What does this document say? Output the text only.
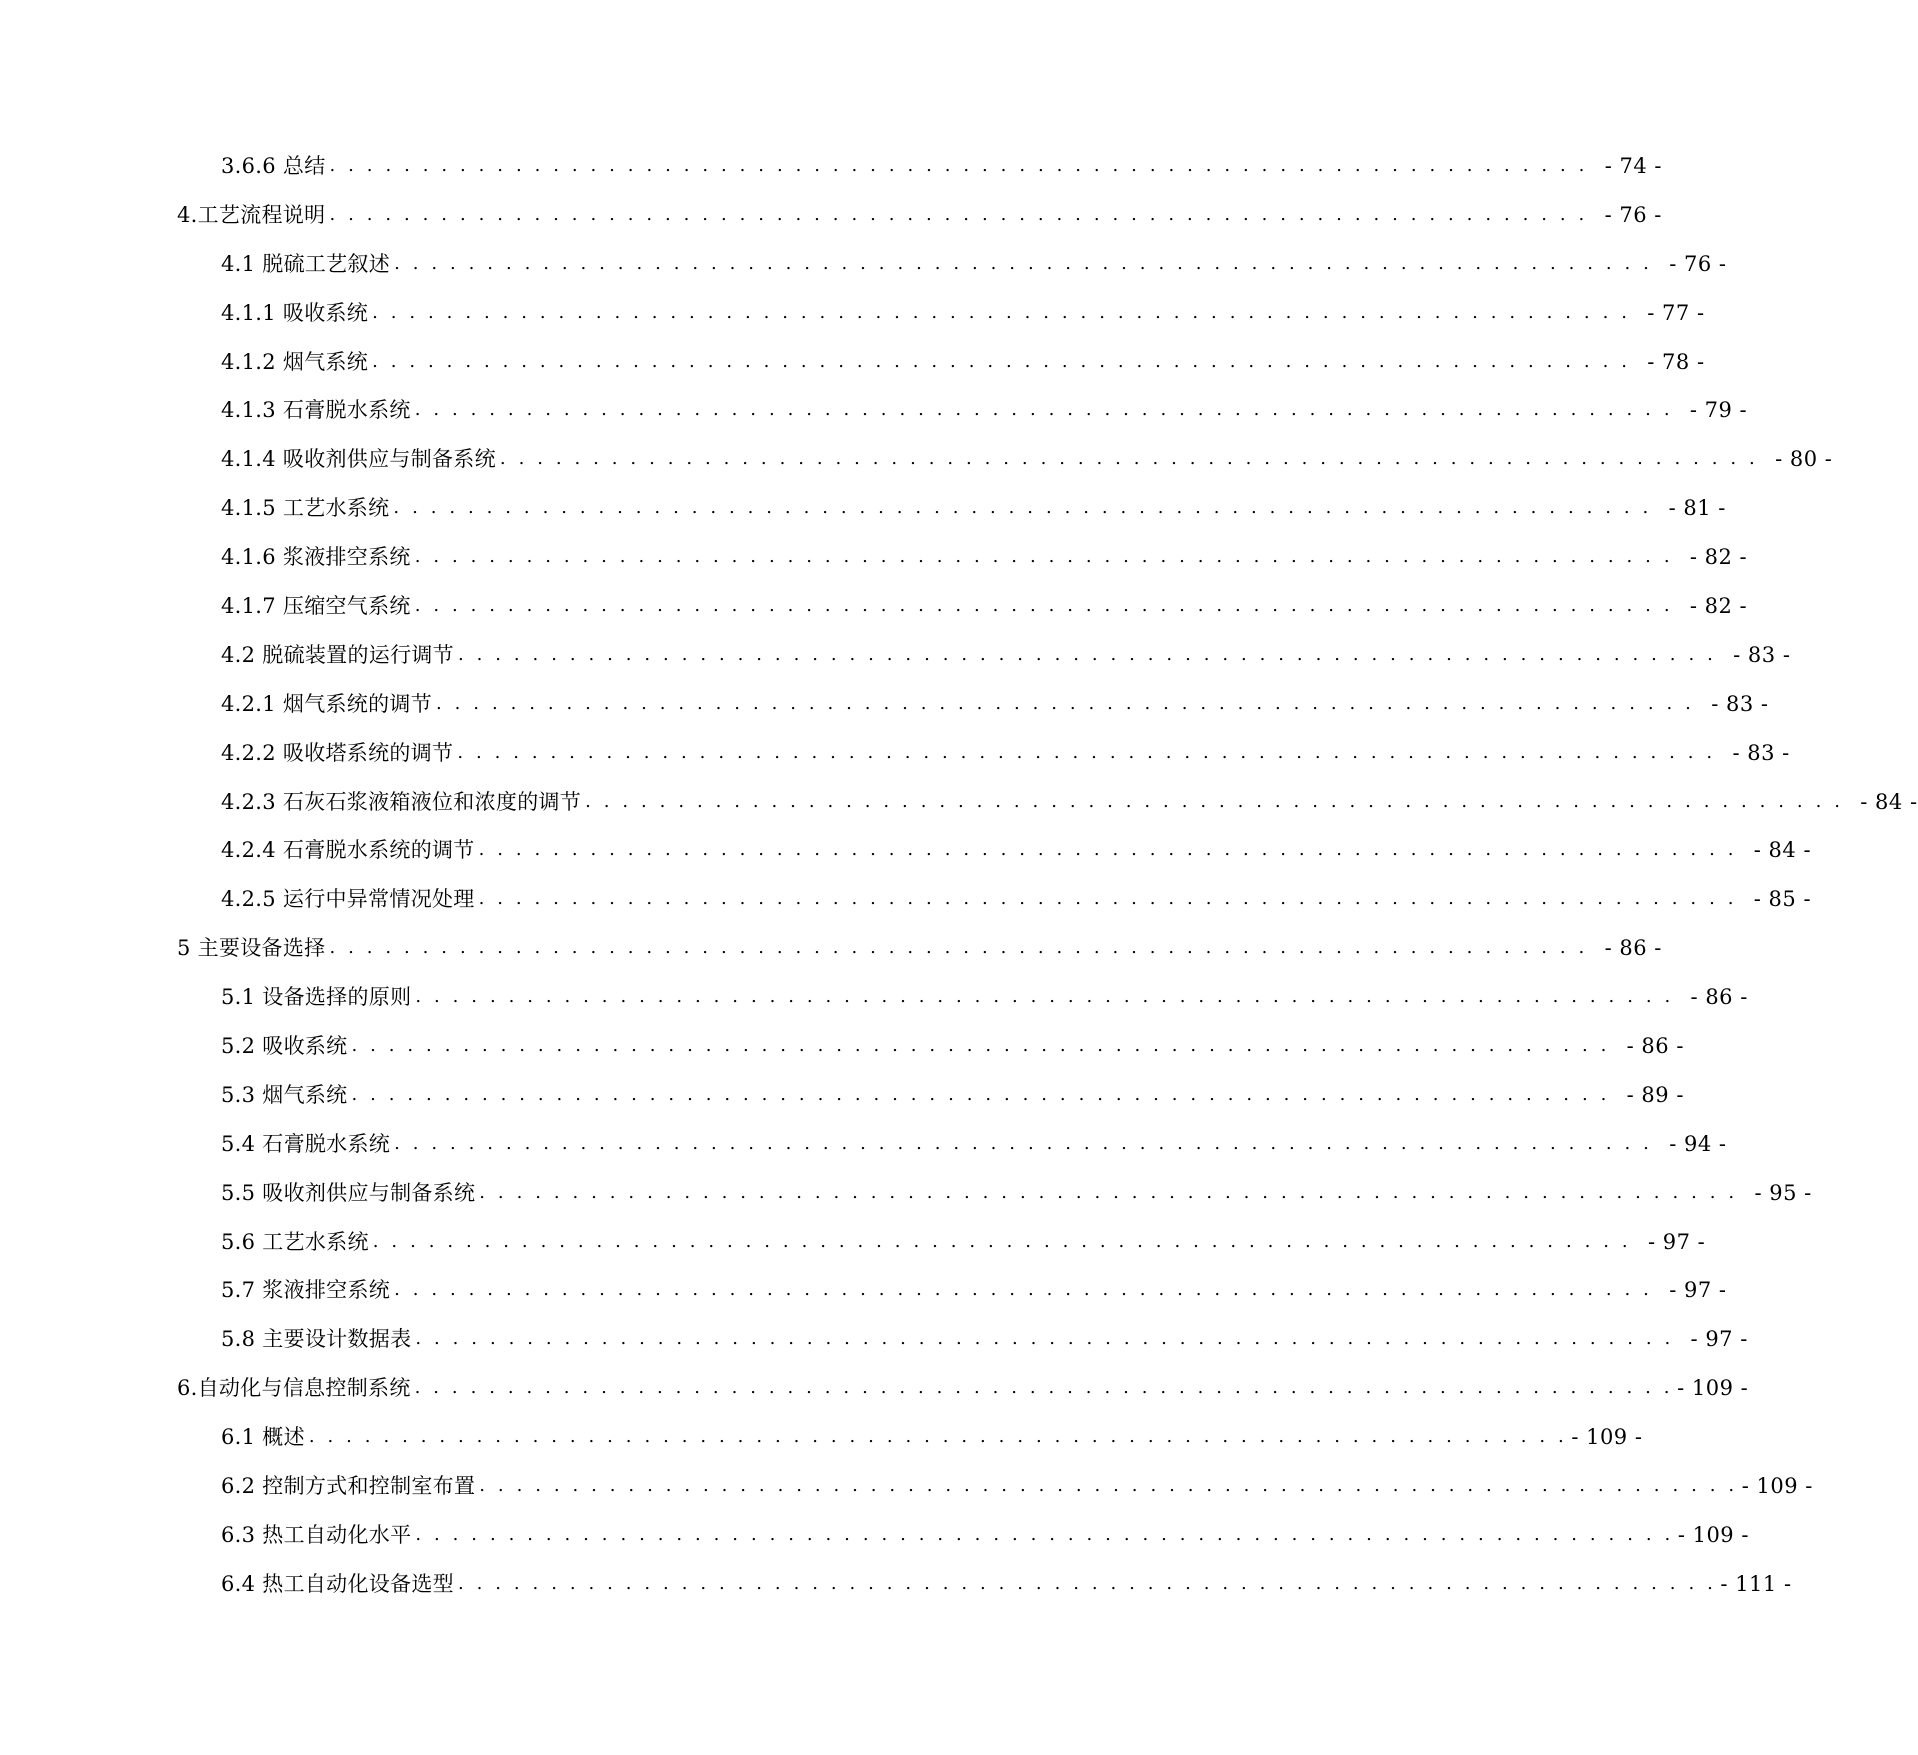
3.6.6 总结 . . . . . . . . . . . . . . . . . . . . . . . . . . . . . . . . . . . . . . . . . . . . . . . . . . . . . . . . . . . . . . . . . . . . - 74 -
4.工艺流程说明 . . . . . . . . . . . . . . . . . . . . . . . . . . . . . . . . . . . . . . . . . . . . . . . . . . . . . . . . . . . . . . . . . . . . - 76 -
4.1 脱硫工艺叙述 . . . . . . . . . . . . . . . . . . . . . . . . . . . . . . . . . . . . . . . . . . . . . . . . . . . . . . . . . . . . . . . . . . . . - 76 -
4.1.1 吸收系统 . . . . . . . . . . . . . . . . . . . . . . . . . . . . . . . . . . . . . . . . . . . . . . . . . . . . . . . . . . . . . . . . . . . . - 77 -
4.1.2 烟气系统 . . . . . . . . . . . . . . . . . . . . . . . . . . . . . . . . . . . . . . . . . . . . . . . . . . . . . . . . . . . . . . . . . . . . - 78 -
4.1.3 石膏脱水系统 . . . . . . . . . . . . . . . . . . . . . . . . . . . . . . . . . . . . . . . . . . . . . . . . . . . . . . . . . . . . . . . . . . . . - 79 -
4.1.4 吸收剂供应与制备系统 . . . . . . . . . . . . . . . . . . . . . . . . . . . . . . . . . . . . . . . . . . . . . . . . . . . . . . . . . . . . . . . . . . . . - 80 -
4.1.5 工艺水系统 . . . . . . . . . . . . . . . . . . . . . . . . . . . . . . . . . . . . . . . . . . . . . . . . . . . . . . . . . . . . . . . . . . . . - 81 -
4.1.6 浆液排空系统 . . . . . . . . . . . . . . . . . . . . . . . . . . . . . . . . . . . . . . . . . . . . . . . . . . . . . . . . . . . . . . . . . . . . - 82 -
4.1.7 压缩空气系统 . . . . . . . . . . . . . . . . . . . . . . . . . . . . . . . . . . . . . . . . . . . . . . . . . . . . . . . . . . . . . . . . . . . . - 82 -
4.2 脱硫装置的运行调节 . . . . . . . . . . . . . . . . . . . . . . . . . . . . . . . . . . . . . . . . . . . . . . . . . . . . . . . . . . . . . . . . . . . . - 83 -
4.2.1 烟气系统的调节 . . . . . . . . . . . . . . . . . . . . . . . . . . . . . . . . . . . . . . . . . . . . . . . . . . . . . . . . . . . . . . . . . . . . - 83 -
4.2.2 吸收塔系统的调节 . . . . . . . . . . . . . . . . . . . . . . . . . . . . . . . . . . . . . . . . . . . . . . . . . . . . . . . . . . . . . . . . . . . . - 83 -
4.2.3 石灰石浆液箱液位和浓度的调节 . . . . . . . . . . . . . . . . . . . . . . . . . . . . . . . . . . . . . . . . . . . . . . . . . . . . . . . . . . . . . . . . . . . . - 84 -
4.2.4 石膏脱水系统的调节 . . . . . . . . . . . . . . . . . . . . . . . . . . . . . . . . . . . . . . . . . . . . . . . . . . . . . . . . . . . . . . . . . . . . - 84 -
4.2.5 运行中异常情况处理 . . . . . . . . . . . . . . . . . . . . . . . . . . . . . . . . . . . . . . . . . . . . . . . . . . . . . . . . . . . . . . . . . . . . - 85 -
5 主要设备选择 . . . . . . . . . . . . . . . . . . . . . . . . . . . . . . . . . . . . . . . . . . . . . . . . . . . . . . . . . . . . . . . . . . . . - 86 -
5.1 设备选择的原则 . . . . . . . . . . . . . . . . . . . . . . . . . . . . . . . . . . . . . . . . . . . . . . . . . . . . . . . . . . . . . . . . . . . . - 86 -
5.2 吸收系统 . . . . . . . . . . . . . . . . . . . . . . . . . . . . . . . . . . . . . . . . . . . . . . . . . . . . . . . . . . . . . . . . . . . . - 86 -
5.3 烟气系统 . . . . . . . . . . . . . . . . . . . . . . . . . . . . . . . . . . . . . . . . . . . . . . . . . . . . . . . . . . . . . . . . . . . . - 89 -
5.4 石膏脱水系统 . . . . . . . . . . . . . . . . . . . . . . . . . . . . . . . . . . . . . . . . . . . . . . . . . . . . . . . . . . . . . . . . . . . . - 94 -
5.5 吸收剂供应与制备系统 . . . . . . . . . . . . . . . . . . . . . . . . . . . . . . . . . . . . . . . . . . . . . . . . . . . . . . . . . . . . . . . . . . . . - 95 -
5.6 工艺水系统 . . . . . . . . . . . . . . . . . . . . . . . . . . . . . . . . . . . . . . . . . . . . . . . . . . . . . . . . . . . . . . . . . . . . - 97 -
5.7 浆液排空系统 . . . . . . . . . . . . . . . . . . . . . . . . . . . . . . . . . . . . . . . . . . . . . . . . . . . . . . . . . . . . . . . . . . . . - 97 -
5.8 主要设计数据表 . . . . . . . . . . . . . . . . . . . . . . . . . . . . . . . . . . . . . . . . . . . . . . . . . . . . . . . . . . . . . . . . . . . . - 97 -
6.自动化与信息控制系统 . . . . . . . . . . . . . . . . . . . . . . . . . . . . . . . . . . . . . . . . . . . . . . . . . . . . . . . . . . . . . . . . . . . . - 109 -
6.1 概述 . . . . . . . . . . . . . . . . . . . . . . . . . . . . . . . . . . . . . . . . . . . . . . . . . . . . . . . . . . . . . . . . . . . . - 109 -
6.2 控制方式和控制室布置 . . . . . . . . . . . . . . . . . . . . . . . . . . . . . . . . . . . . . . . . . . . . . . . . . . . . . . . . . . . . . . . . . . . . - 109 -
6.3 热工自动化水平 . . . . . . . . . . . . . . . . . . . . . . . . . . . . . . . . . . . . . . . . . . . . . . . . . . . . . . . . . . . . . . . . . . . . - 109 -
6.4 热工自动化设备选型 . . . . . . . . . . . . . . . . . . . . . . . . . . . . . . . . . . . . . . . . . . . . . . . . . . . . . . . . . . . . . . . . . . . . - 111 -
